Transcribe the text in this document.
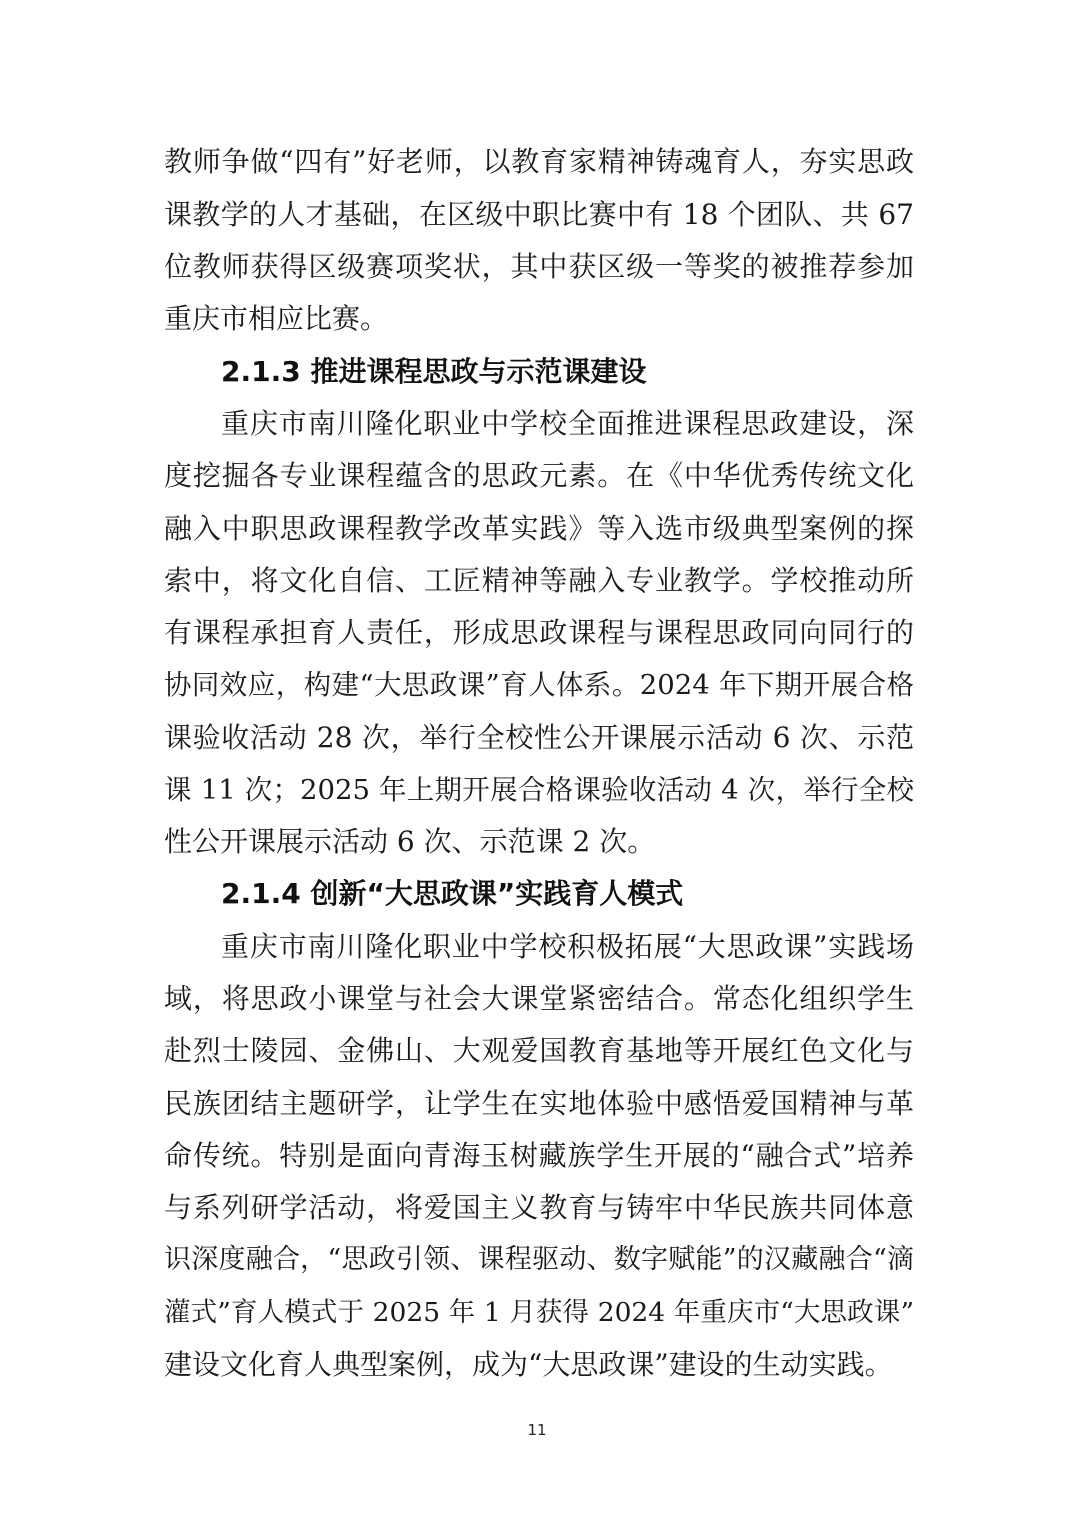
教师争做“四有”好老师，以教育家精神铸魂育人，夯实思政

课教学的人才基础，在区级中职比赛中有 18 个团队、共 67

位教师获得区级赛项奖状，其中获区级一等奖的被推荐参加

重庆市相应比赛。

2.1.3 推进课程思政与示范课建设

重庆市南川隆化职业中学校全面推进课程思政建设，深

度挖掘各专业课程蕴含的思政元素。在《中华优秀传统文化

融入中职思政课程教学改革实践》等入选市级典型案例的探

索中，将文化自信、工匠精神等融入专业教学。学校推动所

有课程承担育人责任，形成思政课程与课程思政同向同行的

协同效应，构建“大思政课”育人体系。2024 年下期开展合格

课验收活动 28 次，举行全校性公开课展示活动 6 次、示范

课 11 次；2025 年上期开展合格课验收活动 4 次，举行全校

性公开课展示活动 6 次、示范课 2 次。

2.1.4 创新“大思政课”实践育人模式

重庆市南川隆化职业中学校积极拓展“大思政课”实践场

域，将思政小课堂与社会大课堂紧密结合。常态化组织学生

赴烈士陵园、金佛山、大观爱国教育基地等开展红色文化与

民族团结主题研学，让学生在实地体验中感悟爱国精神与革

命传统。特别是面向青海玉树藏族学生开展的“融合式”培养

与系列研学活动，将爱国主义教育与铸牢中华民族共同体意

识深度融合，“思政引领、课程驱动、数字赋能”的汉藏融合“滴

灌式”育人模式于 2025 年 1 月获得 2024 年重庆市“大思政课”

建设文化育人典型案例，成为“大思政课”建设的生动实践。

11
